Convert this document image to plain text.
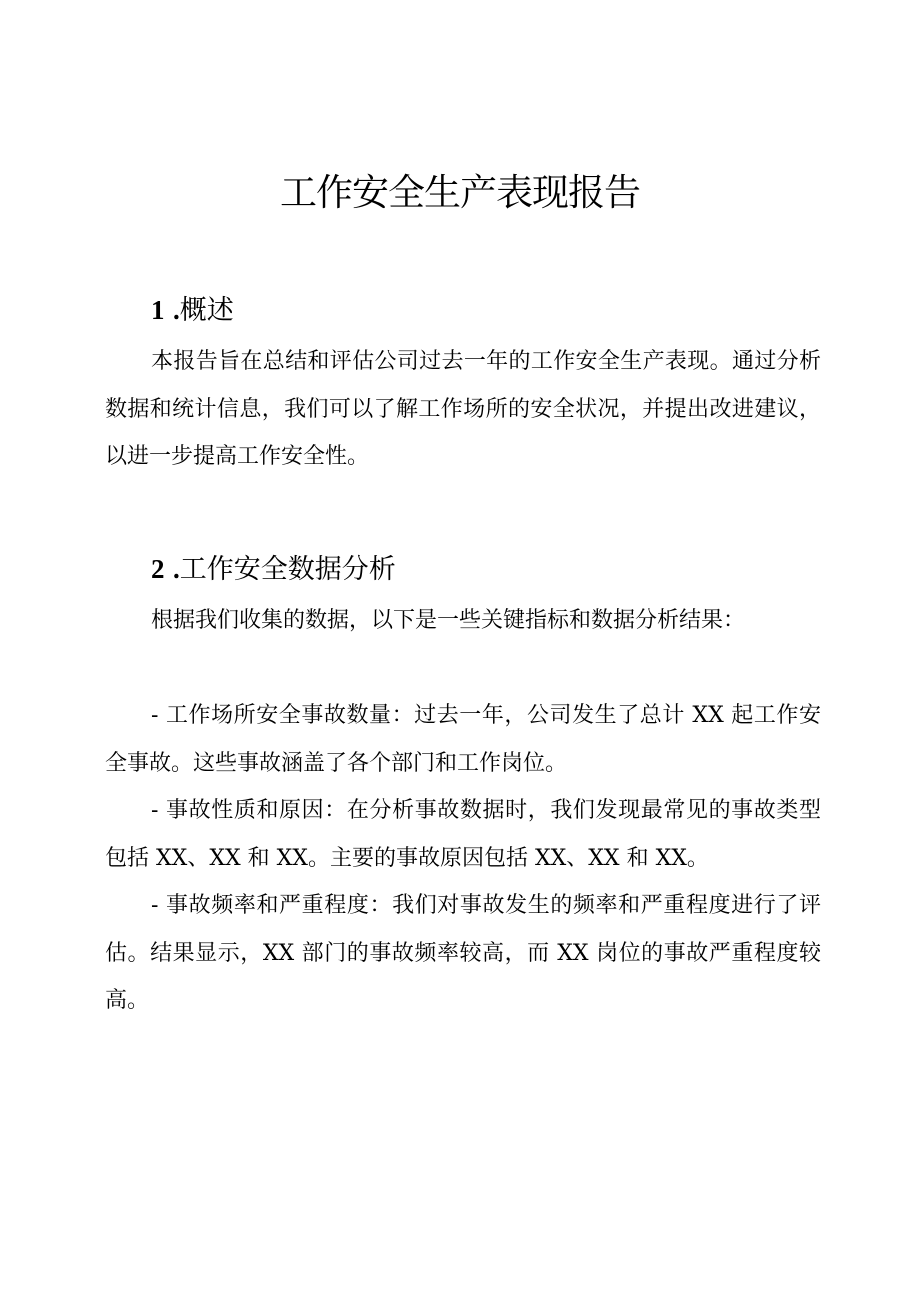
工作安全生产表现报告
1 .概述

本报告旨在总结和评估公司过去一年的工作安全生产表现。通过分析数据和统计信息，我们可以了解工作场所的安全状况，并提出改进建议，以进一步提高工作安全性。

2 .工作安全数据分析

根据我们收集的数据，以下是一些关键指标和数据分析结果：

- 工作场所安全事故数量：过去一年，公司发生了总计 XX 起工作安全事故。这些事故涵盖了各个部门和工作岗位。

- 事故性质和原因：在分析事故数据时，我们发现最常见的事故类型包括 XX、XX 和 XX。主要的事故原因包括 XX、XX 和 XX。

- 事故频率和严重程度：我们对事故发生的频率和严重程度进行了评估。结果显示，XX 部门的事故频率较高，而 XX 岗位的事故严重程度较高。
